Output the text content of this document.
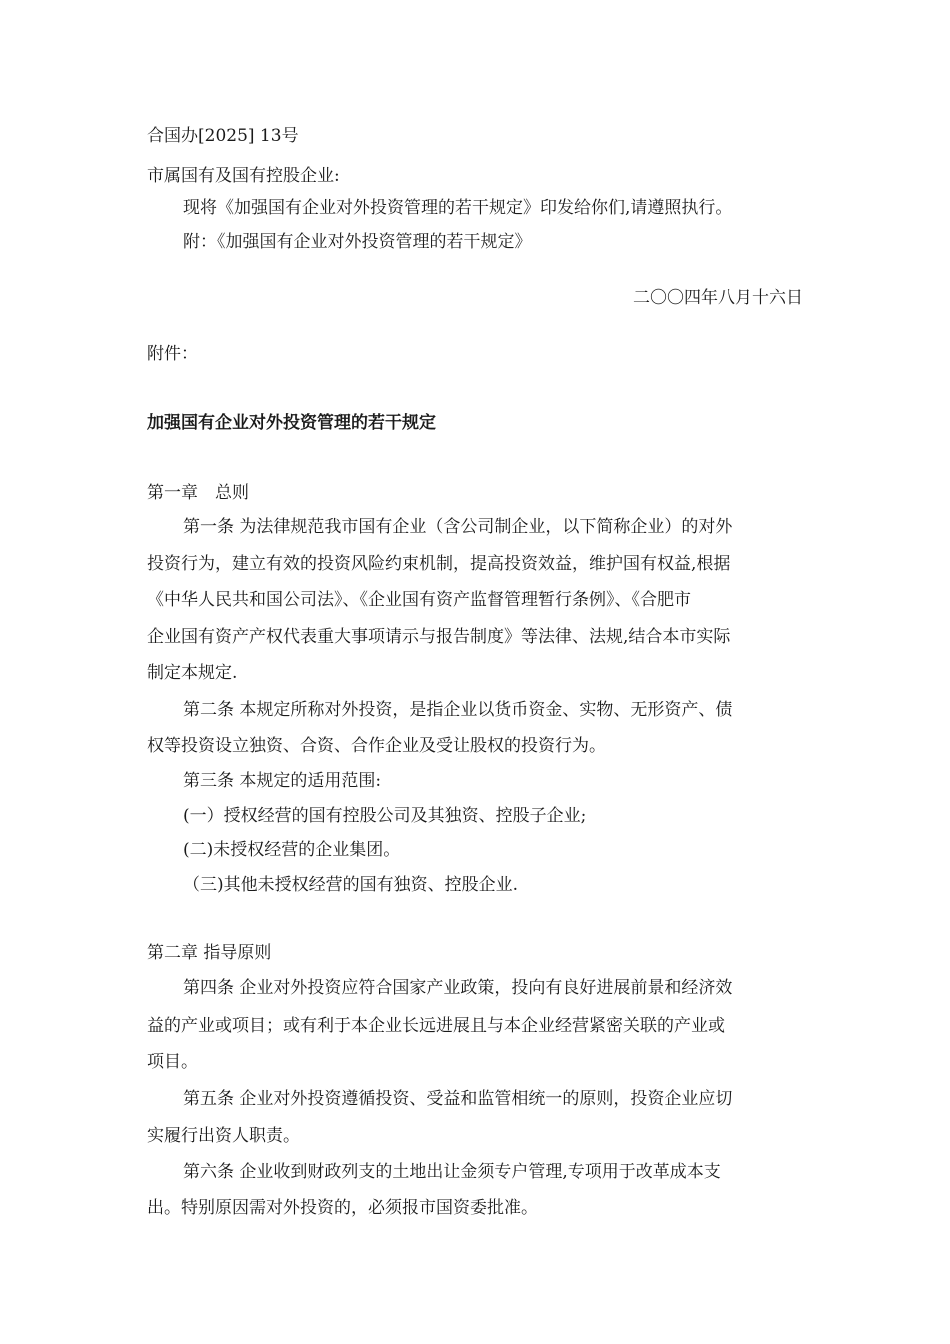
合国办[2025] 13号
市属国有及国有控股企业:
现将《加强国有企业对外投资管理的若干规定》印发给你们,请遵照执行。
附：《加强国有企业对外投资管理的若干规定》
二〇〇四年八月十六日
附件：
加强国有企业对外投资管理的若干规定
第一章　总则
第一条 为法律规范我市国有企业（含公司制企业，以下简称企业）的对外
投资行为，建立有效的投资风险约束机制，提高投资效益，维护国有权益,根据
《中华人民共和国公司法》、《企业国有资产监督管理暂行条例》、《合肥市
企业国有资产产权代表重大事项请示与报告制度》等法律、法规,结合本市实际
制定本规定.
第二条 本规定所称对外投资，是指企业以货币资金、实物、无形资产、债
权等投资设立独资、合资、合作企业及受让股权的投资行为。
第三条 本规定的适用范围:
(一）授权经营的国有控股公司及其独资、控股子企业;
(二)未授权经营的企业集团。
（三)其他未授权经营的国有独资、控股企业.
第二章 指导原则
第四条 企业对外投资应符合国家产业政策，投向有良好进展前景和经济效
益的产业或项目；或有利于本企业长远进展且与本企业经营紧密关联的产业或
项目。
第五条 企业对外投资遵循投资、受益和监管相统一的原则，投资企业应切
实履行出资人职责。
第六条 企业收到财政列支的土地出让金须专户管理,专项用于改革成本支
出。特别原因需对外投资的，必须报市国资委批准。
